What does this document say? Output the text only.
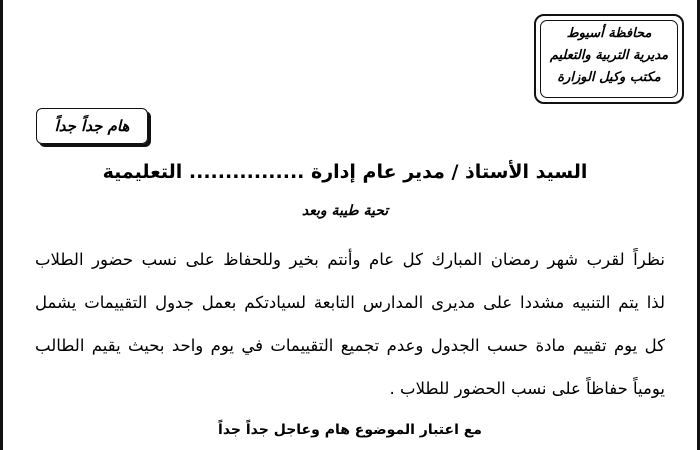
محافظة أسيوط
مديرية التربية والتعليم
مكتب وكيل الوزارة
هام جداً جداً
السيد الأستاذ / مدير عام إدارة ................ التعليمية
تحية طيبة وبعد
نظراً لقرب شهر رمضان المبارك كل عام وأنتم بخير وللحفاظ على نسب حضور الطلاب
لذا يتم التنبيه مشددا على مديرى المدارس التابعة لسيادتكم بعمل جدول التقييمات يشمل
كل يوم تقييم مادة حسب الجدول وعدم تجميع التقييمات في يوم واحد بحيث يقيم الطالب
يومياً حفاظاً على نسب الحضور للطلاب .
مع اعتبار الموضوع هام وعاجل جداً جداً
